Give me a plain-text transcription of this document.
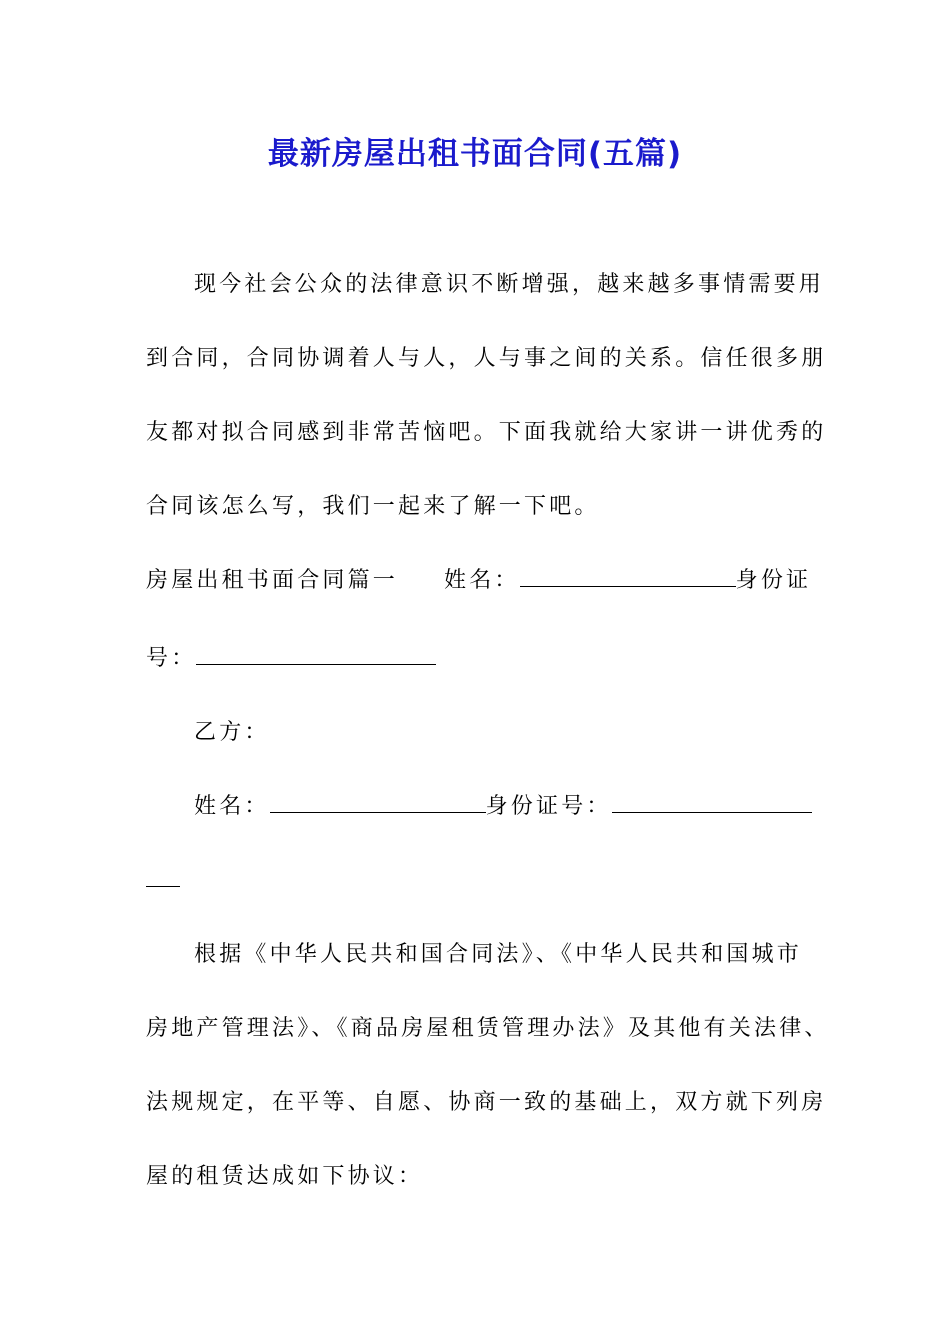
最新房屋出租书面合同(五篇)
现今社会公众的法律意识不断增强，越来越多事情需要用
到合同，合同协调着人与人，人与事之间的关系。信任很多朋
友都对拟合同感到非常苦恼吧。下面我就给大家讲一讲优秀的
合同该怎么写，我们一起来了解一下吧。
房屋出租书面合同篇一 姓名：	身份证
号：
乙方：
姓名：	身份证号：
根据《中华人民共和国合同法》、《中华人民共和国城市
房地产管理法》、《商品房屋租赁管理办法》及其他有关法律、
法规规定，在平等、自愿、协商一致的基础上，双方就下列房
屋的租赁达成如下协议：
